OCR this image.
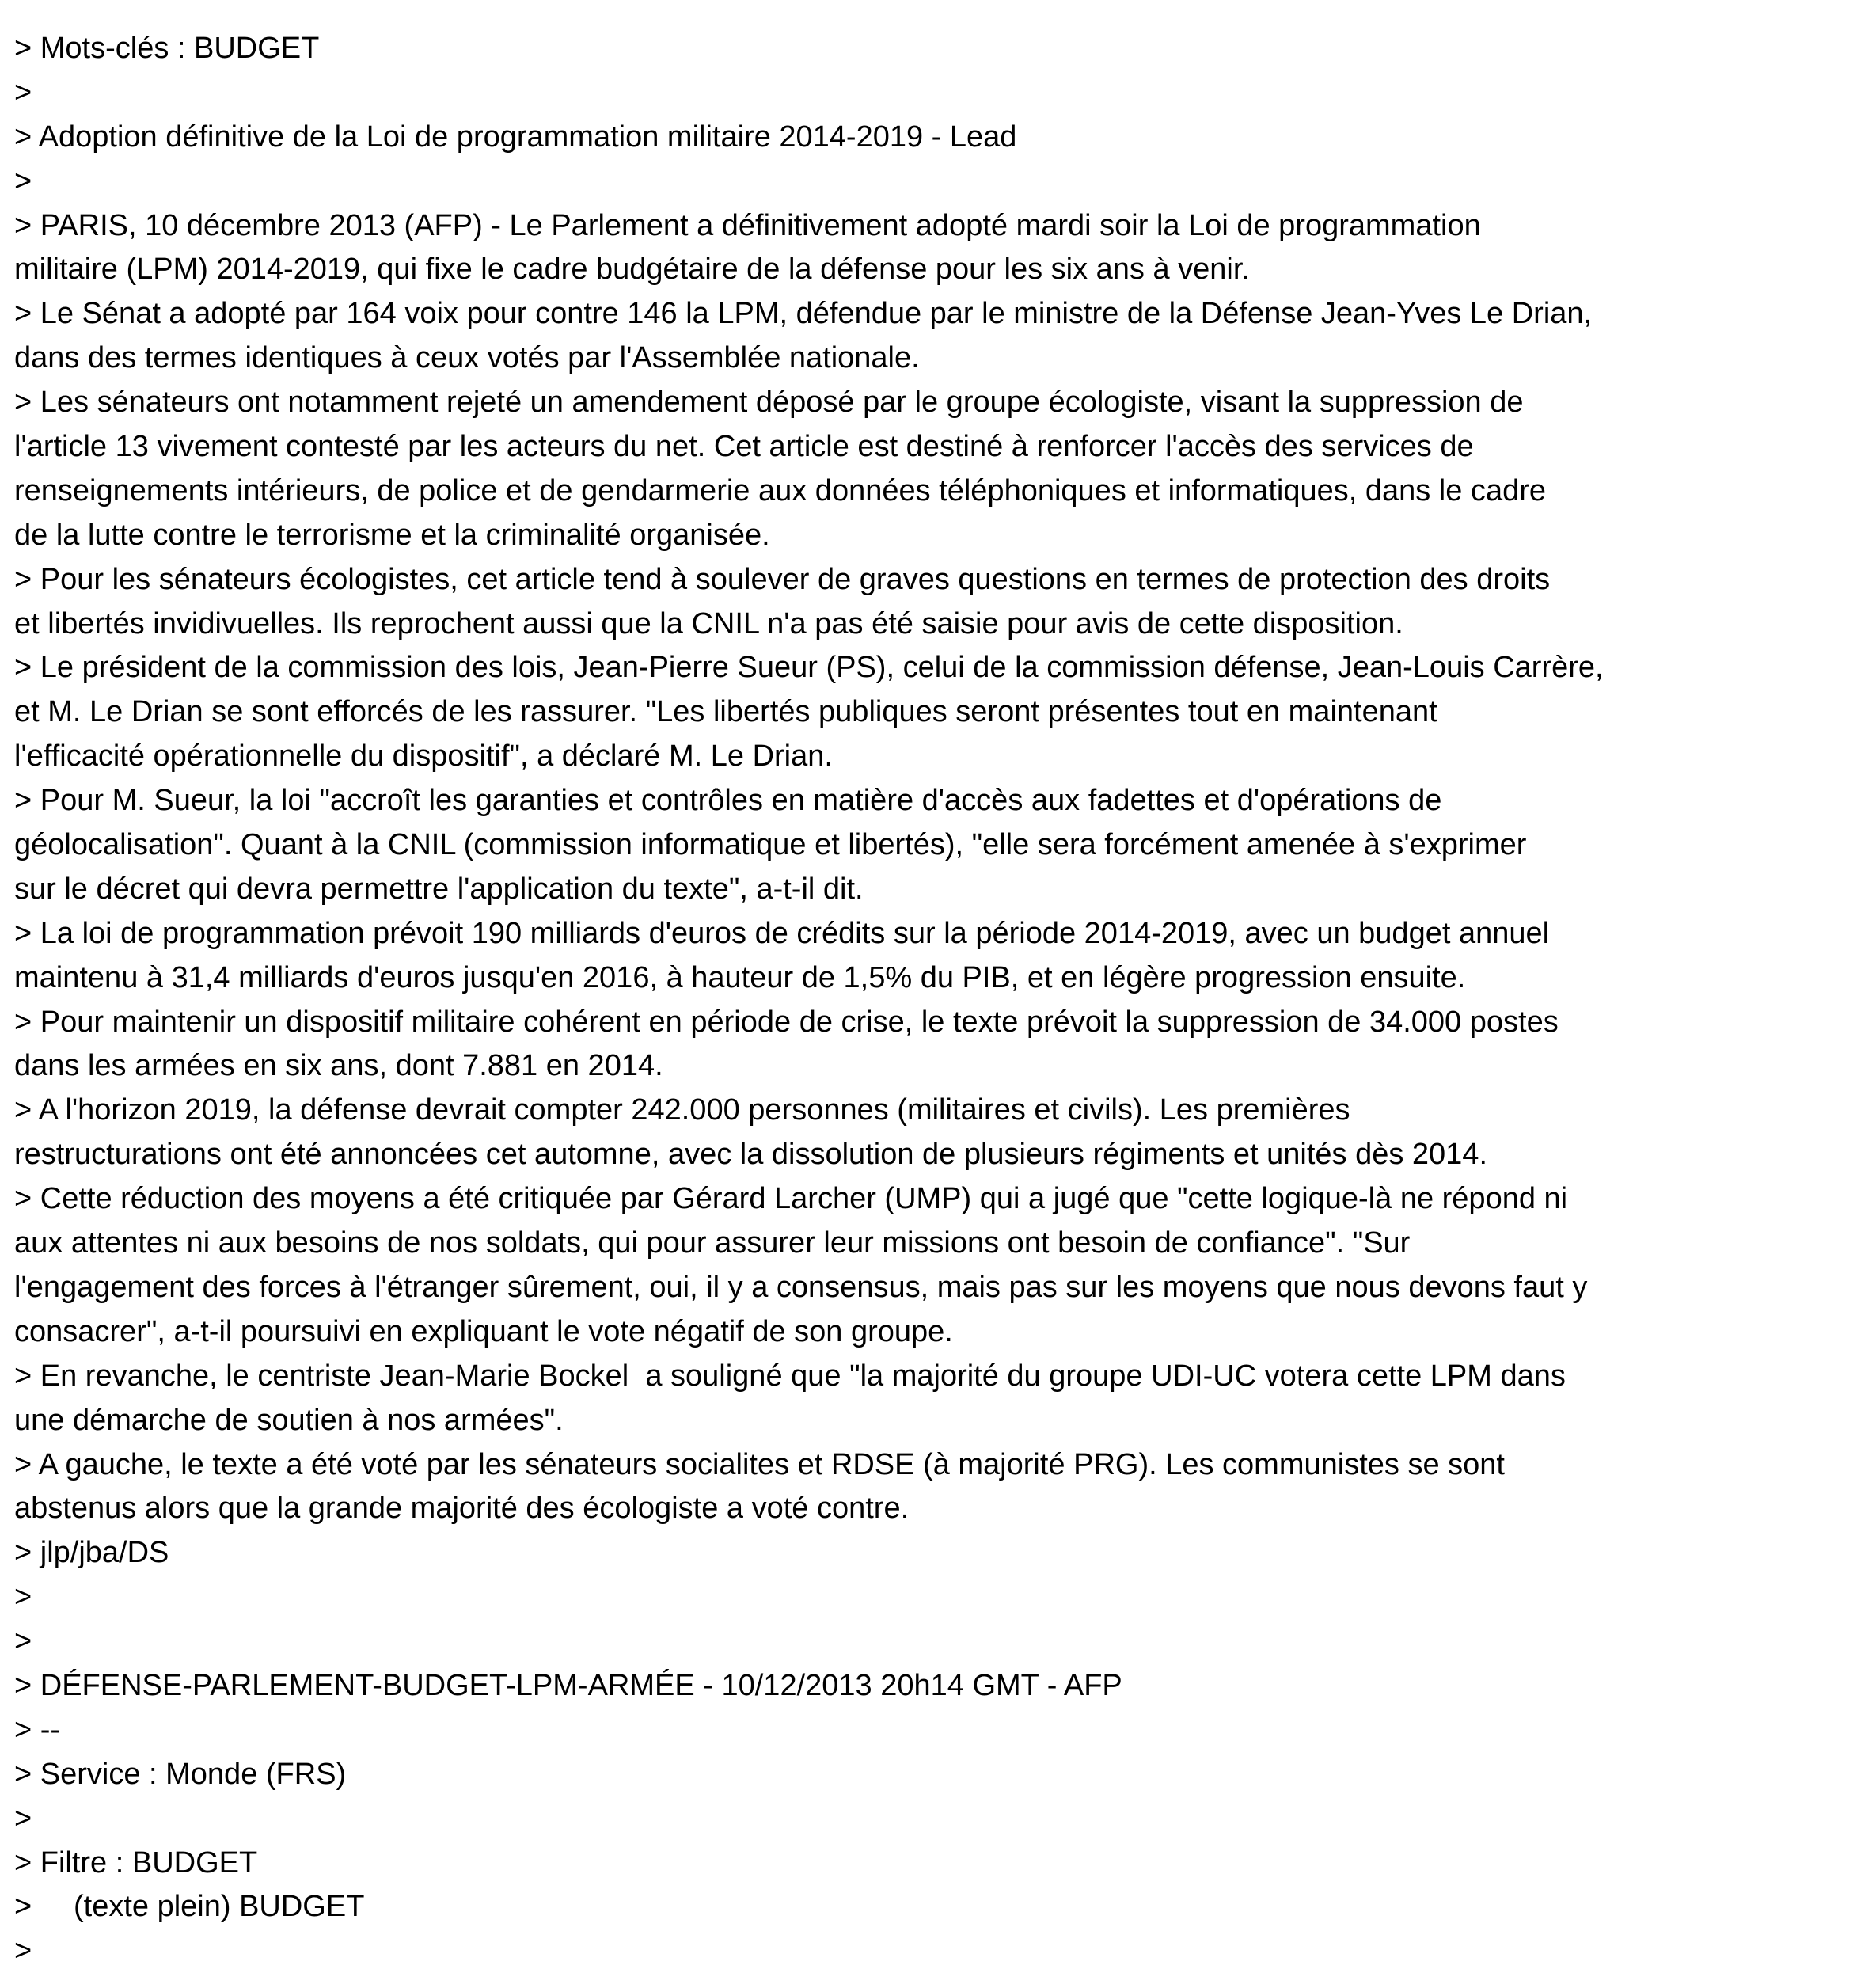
> Mots-clés : BUDGET
>
> Adoption définitive de la Loi de programmation militaire 2014-2019 - Lead
>
> PARIS, 10 décembre 2013 (AFP) - Le Parlement a définitivement adopté mardi soir la Loi de programmation
militaire (LPM) 2014-2019, qui fixe le cadre budgétaire de la défense pour les six ans à venir.
> Le Sénat a adopté par 164 voix pour contre 146 la LPM, défendue par le ministre de la Défense Jean-Yves Le Drian,
dans des termes identiques à ceux votés par l'Assemblée nationale.
> Les sénateurs ont notamment rejeté un amendement déposé par le groupe écologiste, visant la suppression de
l'article 13 vivement contesté par les acteurs du net. Cet article est destiné à renforcer l'accès des services de
renseignements intérieurs, de police et de gendarmerie aux données téléphoniques et informatiques, dans le cadre
de la lutte contre le terrorisme et la criminalité organisée.
> Pour les sénateurs écologistes, cet article tend à soulever de graves questions en termes de protection des droits
et libertés invidivuelles. Ils reprochent aussi que la CNIL n'a pas été saisie pour avis de cette disposition.
> Le président de la commission des lois, Jean-Pierre Sueur (PS), celui de la commission défense, Jean-Louis Carrère,
et M. Le Drian se sont efforcés de les rassurer. "Les libertés publiques seront présentes tout en maintenant
l'efficacité opérationnelle du dispositif", a déclaré M. Le Drian.
> Pour M. Sueur, la loi "accroît les garanties et contrôles en matière d'accès aux fadettes et d'opérations de
géolocalisation". Quant à la CNIL (commission informatique et libertés), "elle sera forcément amenée à s'exprimer
sur le décret qui devra permettre l'application du texte", a-t-il dit.
> La loi de programmation prévoit 190 milliards d'euros de crédits sur la période 2014-2019, avec un budget annuel
maintenu à 31,4 milliards d'euros jusqu'en 2016, à hauteur de 1,5% du PIB, et en légère progression ensuite.
> Pour maintenir un dispositif militaire cohérent en période de crise, le texte prévoit la suppression de 34.000 postes
dans les armées en six ans, dont 7.881 en 2014.
> A l'horizon 2019, la défense devrait compter 242.000 personnes (militaires et civils). Les premières
restructurations ont été annoncées cet automne, avec la dissolution de plusieurs régiments et unités dès 2014.
> Cette réduction des moyens a été critiquée par Gérard Larcher (UMP) qui a jugé que "cette logique-là ne répond ni
aux attentes ni aux besoins de nos soldats, qui pour assurer leur missions ont besoin de confiance". "Sur
l'engagement des forces à l'étranger sûrement, oui, il y a consensus, mais pas sur les moyens que nous devons faut y
consacrer", a-t-il poursuivi en expliquant le vote négatif de son groupe.
> En revanche, le centriste Jean-Marie Bockel  a souligné que "la majorité du groupe UDI-UC votera cette LPM dans
une démarche de soutien à nos armées".
> A gauche, le texte a été voté par les sénateurs socialites et RDSE (à majorité PRG). Les communistes se sont
abstenus alors que la grande majorité des écologiste a voté contre.
> jlp/jba/DS
>
>
> DÉFENSE-PARLEMENT-BUDGET-LPM-ARMÉE - 10/12/2013 20h14 GMT - AFP
> --
> Service : Monde (FRS)
>
> Filtre : BUDGET
>     (texte plein) BUDGET
>
